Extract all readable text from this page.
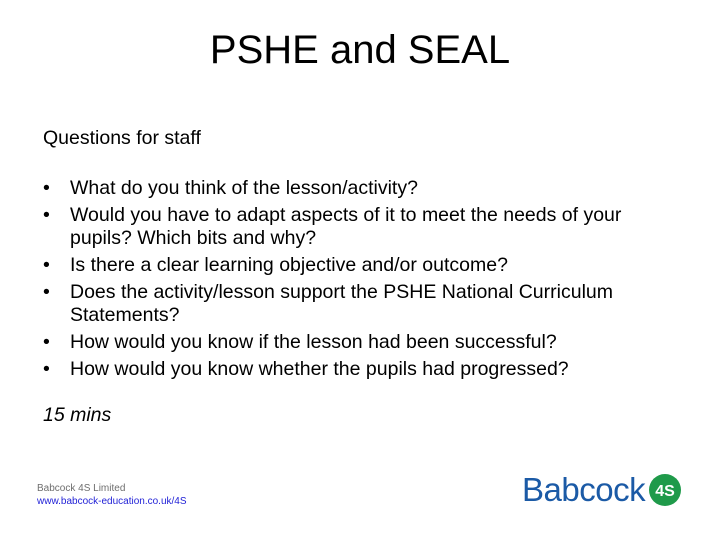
PSHE and SEAL

Questions for staff

•	What do you think of the lesson/activity?
•	Would you have to adapt aspects of it to meet the needs of your pupils? Which bits and why?
•	Is there a clear learning objective and/or outcome?
•	Does the activity/lesson support the PSHE National Curriculum Statements?
•	How would you know if the lesson had been successful?
•	How would you know whether the pupils had progressed?

15 mins

Babcock 4S Limited
www.babcock-education.co.uk/4S	Babcock 4S
